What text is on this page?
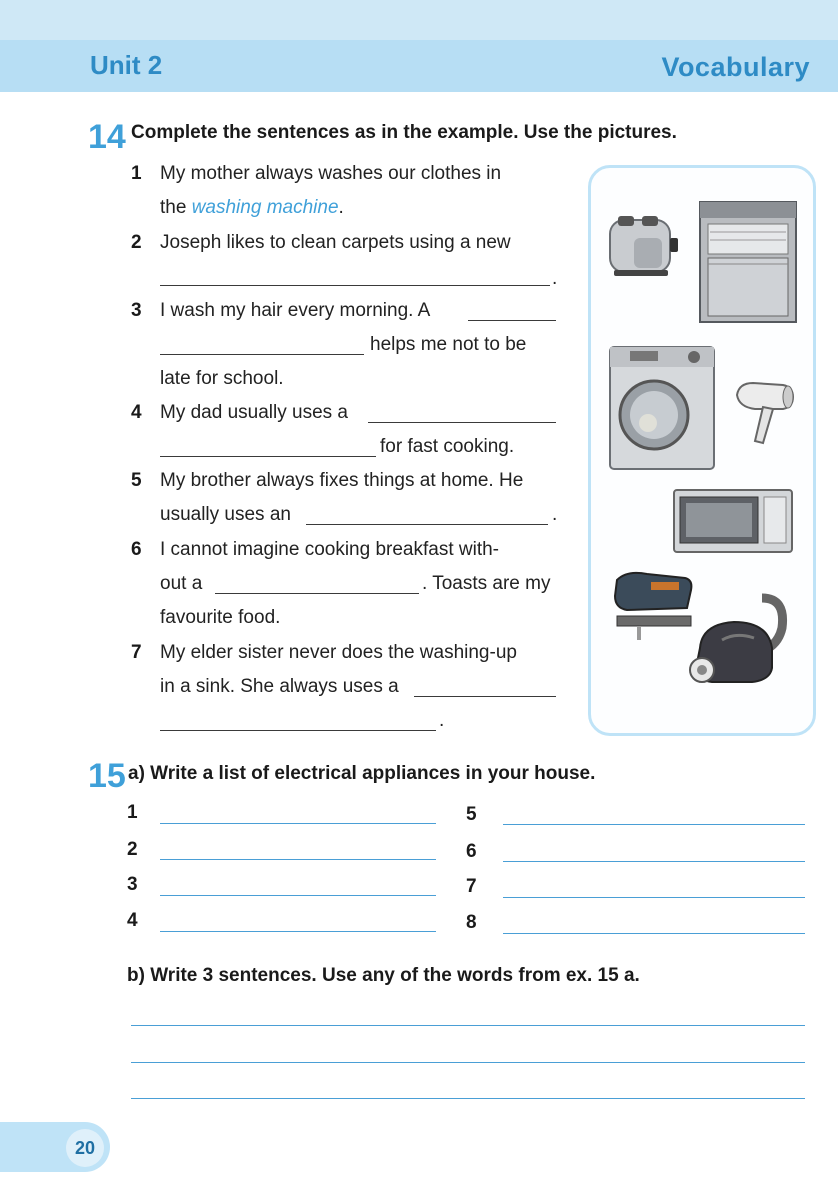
Unit 2	Vocabulary
14 Complete the sentences as in the example. Use the pictures.
1 My mother always washes our clothes in
the washing machine.
2 Joseph likes to clean carpets using a new
.
3 I wash my hair every morning. A
helps me not to be
late for school.
4 My dad usually uses a
for fast cooking.
5 My brother always fixes things at home. He
usually uses an	.
6 I cannot imagine cooking breakfast with-
out a	. Toasts are my
favourite food.
7 My elder sister never does the washing-up
in a sink. She always uses a
.
15 a) Write a list of electrical appliances in your house.
1
2
3
4
5
6
7
8
b) Write 3 sentences. Use any of the words from ex. 15 a.
20
